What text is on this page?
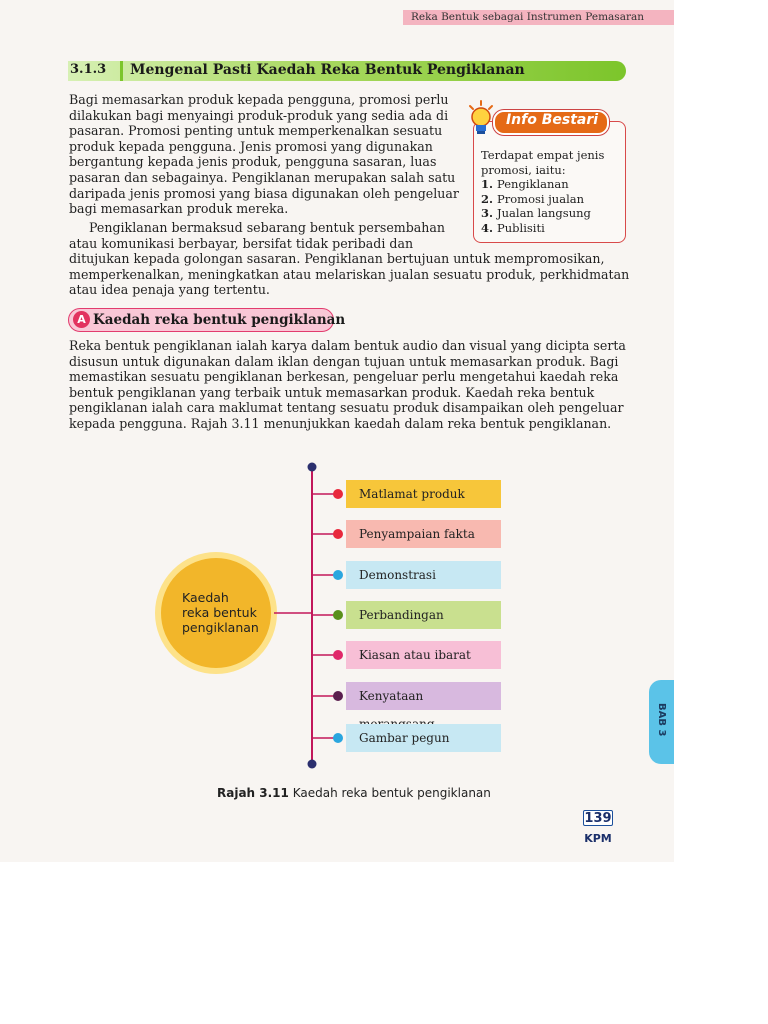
Reka Bentuk sebagai Instrumen Pemasaran
3.1.3 Mengenal Pasti Kaedah Reka Bentuk Pengiklanan
Bagi memasarkan produk kepada pengguna, promosi perlu
dilakukan bagi menyaingi produk-produk yang sedia ada di
pasaran. Promosi penting untuk memperkenalkan sesuatu
produk kepada pengguna. Jenis promosi yang digunakan
bergantung kepada jenis produk, pengguna sasaran, luas
pasaran dan sebagainya. Pengiklanan merupakan salah satu
daripada jenis promosi yang biasa digunakan oleh pengeluar
bagi memasarkan produk mereka.
Pengiklanan bermaksud sebarang bentuk persembahan
atau komunikasi berbayar, bersifat tidak peribadi dan
ditujukan kepada golongan sasaran. Pengiklanan bertujuan untuk mempromosikan,
memperkenalkan, meningkatkan atau melariskan jualan sesuatu produk, perkhidmatan
atau idea penaja yang tertentu.
Reka bentuk pengiklanan ialah karya dalam bentuk audio dan visual yang dicipta serta
disusun untuk digunakan dalam iklan dengan tujuan untuk memasarkan produk. Bagi
memastikan sesuatu pengiklanan berkesan, pengeluar perlu mengetahui kaedah reka
bentuk pengiklanan yang terbaik untuk memasarkan produk. Kaedah reka bentuk
pengiklanan ialah cara maklumat tentang sesuatu produk disampaikan oleh pengeluar
kepada pengguna. Rajah 3.11 menunjukkan kaedah dalam reka bentuk pengiklanan.
Info Bestari
Terdapat empat jenis
promosi, iaitu:
1. Pengiklanan
2. Promosi jualan
3. Jualan langsung
4. Publisiti
A Kaedah reka bentuk pengiklanan
Matlamat produk
Penyampaian fakta
Demonstrasi
Perbandingan
Kiasan atau ibarat
Kenyataan
Gambar pegun
Kaedah
reka bentuk
pengiklanan
Rajah 3.11 Kaedah reka bentuk pengiklanan
BAB 3
139
KPM
